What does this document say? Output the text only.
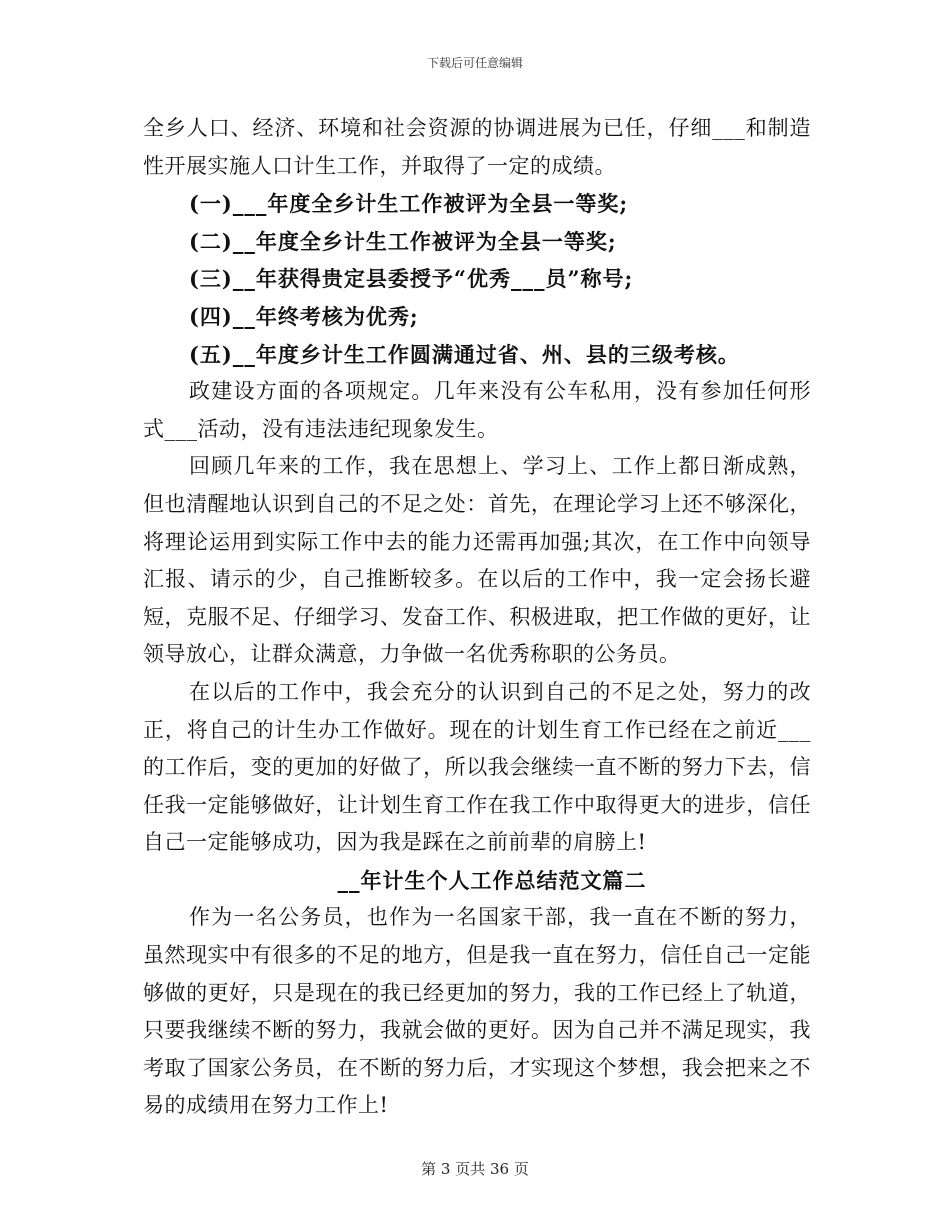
下载后可任意编辑

全乡人口、经济、环境和社会资源的协调进展为已任，仔细___和制造性开展实施人口计生工作，并取得了一定的成绩。

(一)___年度全乡计生工作被评为全县一等奖;

(二)__年度全乡计生工作被评为全县一等奖;

(三)__年获得贵定县委授予“优秀___员”称号;

(四)__年终考核为优秀;

(五)__年度乡计生工作圆满通过省、州、县的三级考核。

政建设方面的各项规定。几年来没有公车私用，没有参加任何形式___活动，没有违法违纪现象发生。

回顾几年来的工作，我在思想上、学习上、工作上都日渐成熟，但也清醒地认识到自己的不足之处：首先，在理论学习上还不够深化，将理论运用到实际工作中去的能力还需再加强;其次，在工作中向领导汇报、请示的少，自己推断较多。在以后的工作中，我一定会扬长避短，克服不足、仔细学习、发奋工作、积极进取，把工作做的更好，让领导放心，让群众满意，力争做一名优秀称职的公务员。

在以后的工作中，我会充分的认识到自己的不足之处，努力的改正，将自己的计生办工作做好。现在的计划生育工作已经在之前近___的工作后，变的更加的好做了，所以我会继续一直不断的努力下去，信任我一定能够做好，让计划生育工作在我工作中取得更大的进步，信任自己一定能够成功，因为我是踩在之前前辈的肩膀上!

__年计生个人工作总结范文篇二

作为一名公务员，也作为一名国家干部，我一直在不断的努力，虽然现实中有很多的不足的地方，但是我一直在努力，信任自己一定能够做的更好，只是现在的我已经更加的努力，我的工作已经上了轨道，只要我继续不断的努力，我就会做的更好。因为自己并不满足现实，我考取了国家公务员，在不断的努力后，才实现这个梦想，我会把来之不易的成绩用在努力工作上!

第 3 页共 36 页
